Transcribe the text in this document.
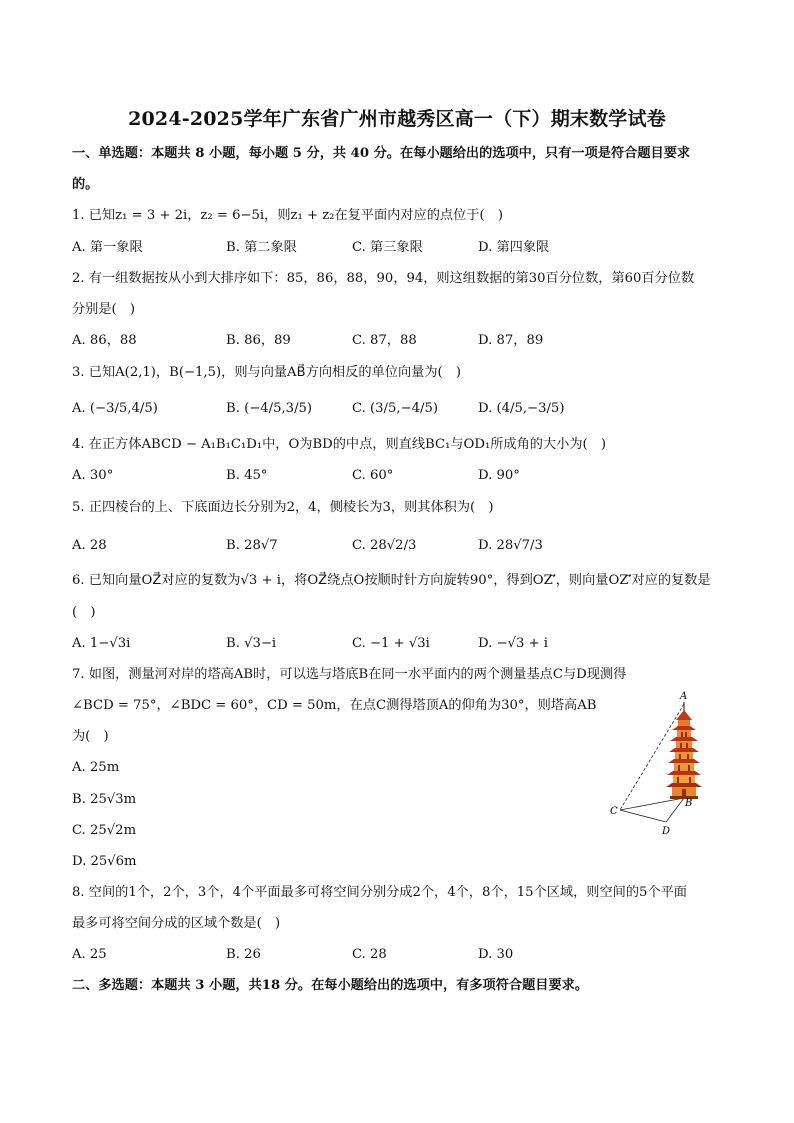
2024-2025学年广东省广州市越秀区高一（下）期末数学试卷
一、单选题：本题共 8 小题，每小题 5 分，共 40 分。在每小题给出的选项中，只有一项是符合题目要求
的。
1. 已知z₁ = 3 + 2i，z₂ = 6−5i，则z₁ + z₂在复平面内对应的点位于(　)
A. 第一象限	B. 第二象限	C. 第三象限	D. 第四象限
2. 有一组数据按从小到大排序如下：85，86，88，90，94，则这组数据的第30百分位数，第60百分位数
分别是(　)
A. 86，88	B. 86，89	C. 87，88	D. 87，89
3. 已知A(2,1)，B(−1,5)，则与向量AB⃗方向相反的单位向量为(　)
A. (−3/5,4/5)	B. (−4/5,3/5)	C. (3/5,−4/5)	D. (4/5,−3/5)
4. 在正方体ABCD − A₁B₁C₁D₁中，O为BD的中点，则直线BC₁与OD₁所成角的大小为(　)
A. 30°	B. 45°	C. 60°	D. 90°
5. 正四棱台的上、下底面边长分别为2，4，侧棱长为3，则其体积为(　)
A. 28	B. 28√7	C. 28√2/3	D. 28√7/3
6. 已知向量OZ⃗对应的复数为√3 + i，将OZ⃗绕点O按顺时针方向旋转90°，得到OZ′⃗，则向量OZ′⃗对应的复数是
(　)
A. 1−√3i	B. √3−i	C. −1 + √3i	D. −√3 + i
7. 如图，测量河对岸的塔高AB时，可以选与塔底B在同一水平面内的两个测量基点C与D现测得
∠BCD = 75°，∠BDC = 60°，CD = 50m，在点C测得塔顶A的仰角为30°，则塔高AB
为(　)
A. 25m
B. 25√3m
C. 25√2m
D. 25√6m
A
B
C
D
8. 空间的1个，2个，3个，4个平面最多可将空间分别分成2个，4个，8个，15个区域，则空间的5个平面
最多可将空间分成的区域个数是(　)
A. 25	B. 26	C. 28	D. 30
二、多选题：本题共 3 小题，共18 分。在每小题给出的选项中，有多项符合题目要求。
